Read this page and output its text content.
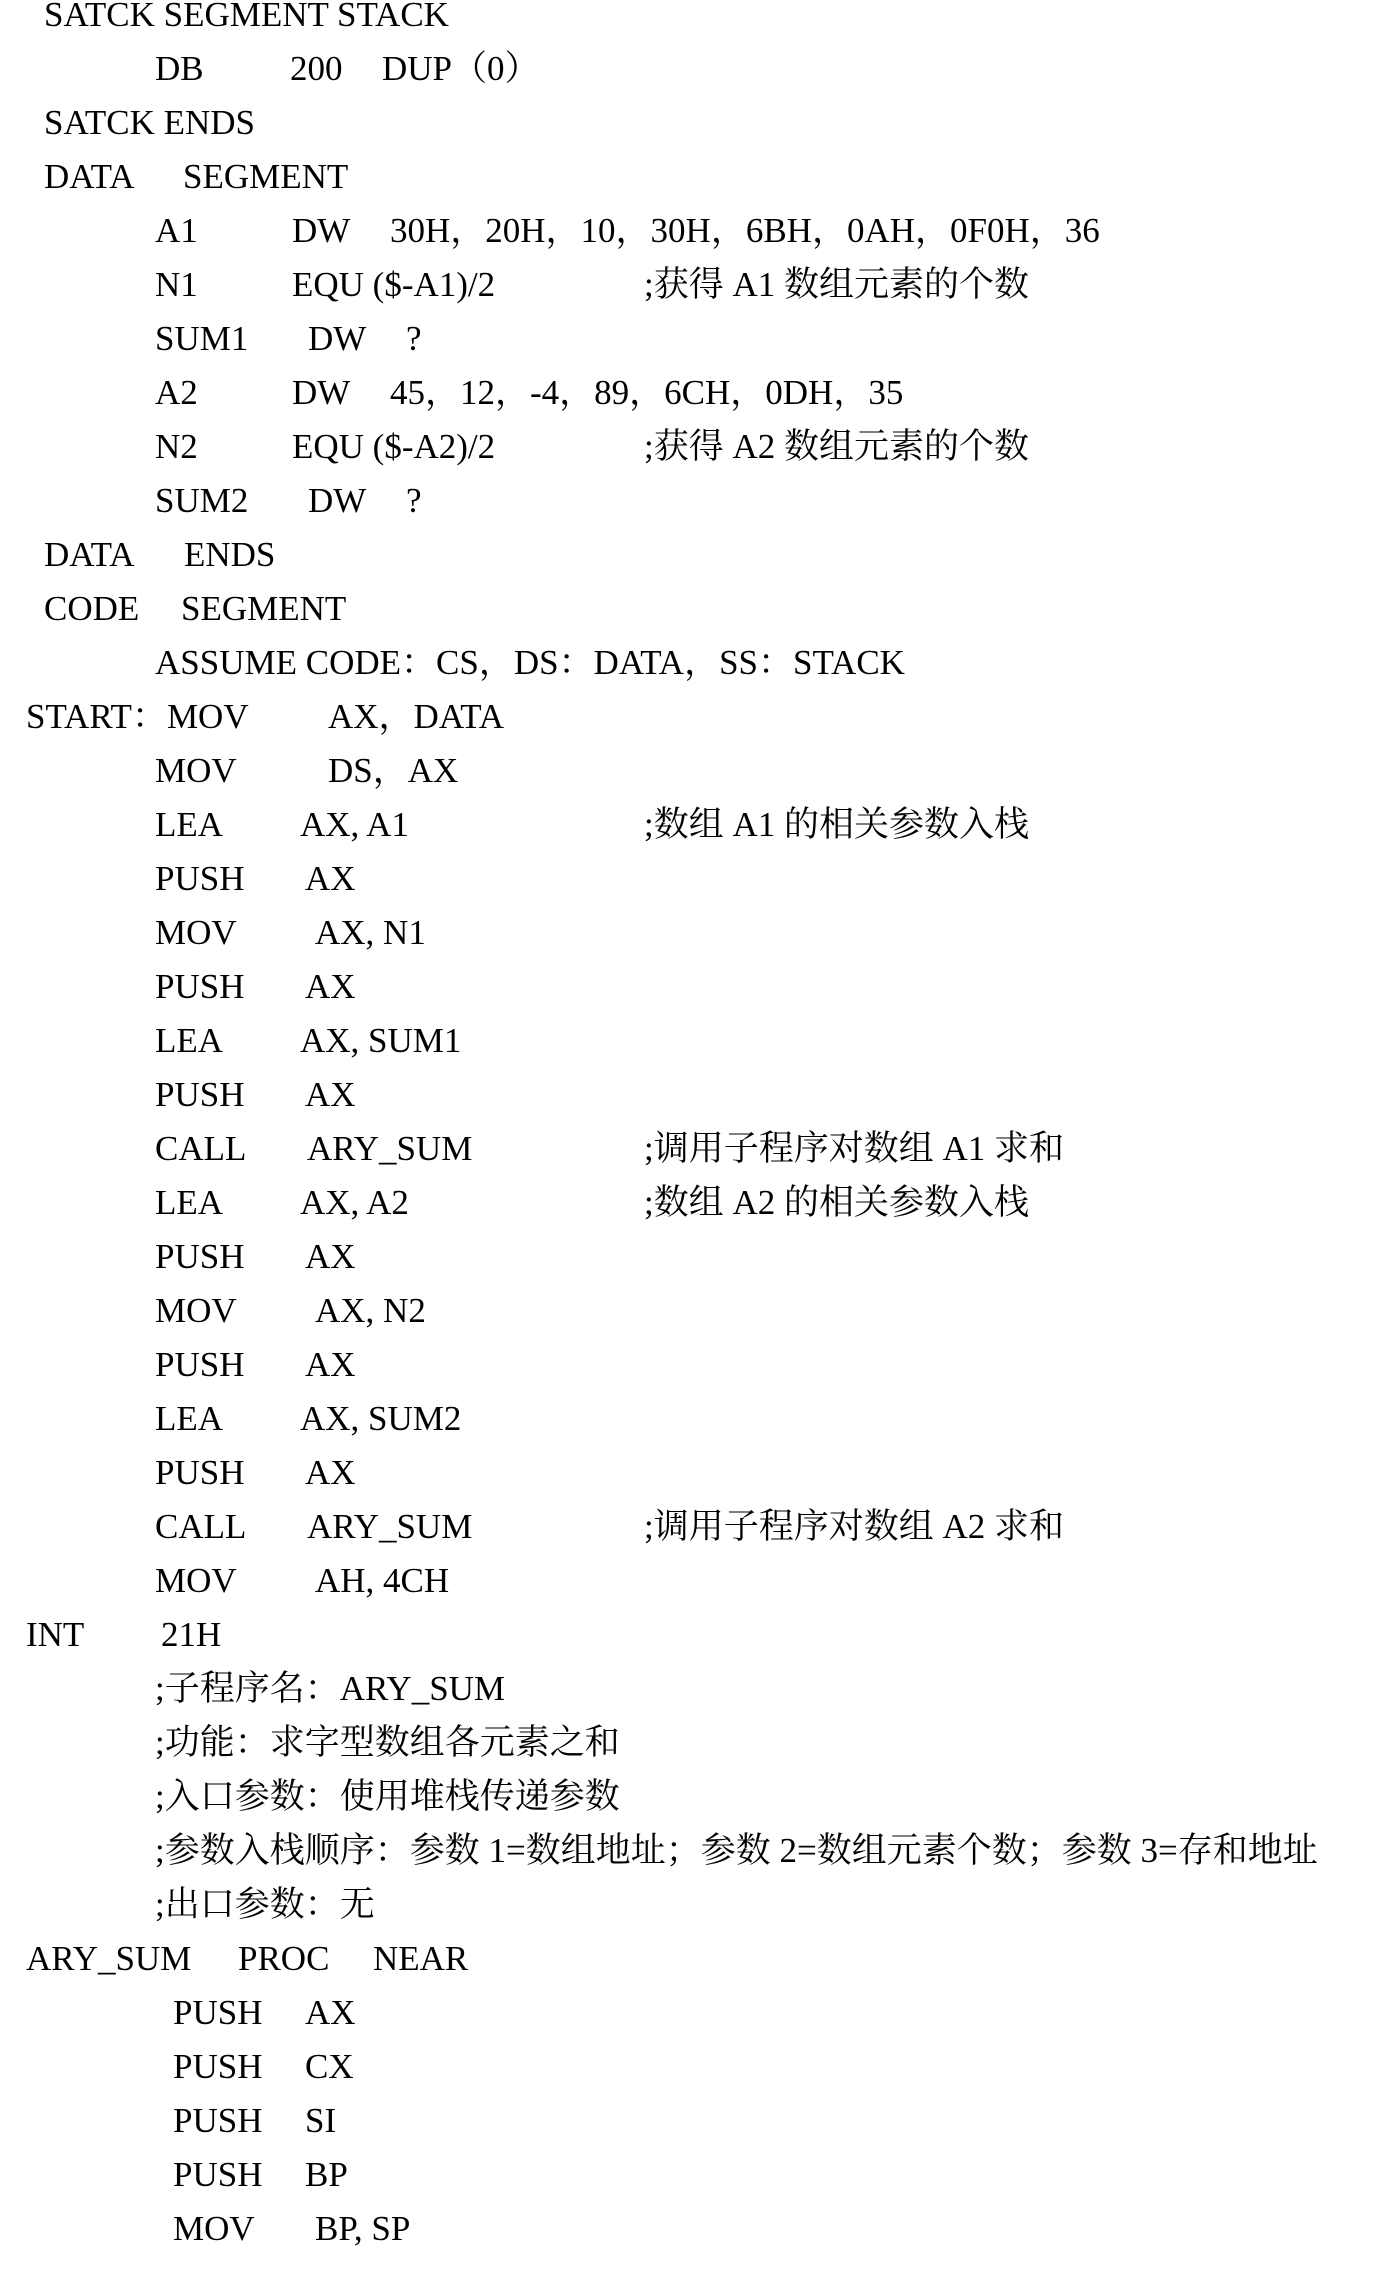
SATCK SEGMENT STACK
DB 200 DUP（0）
SATCK ENDS
DATA SEGMENT
A1	DW 30H，20H，10，30H，6BH，0AH，0F0H，36
N1	EQU ($-A1)/2	;获得 A1 数组元素的个数
SUM1 DW ?
A2	DW 45，12，-4，89，6CH，0DH，35
N2	EQU ($-A2)/2	;获得 A2 数组元素的个数
SUM2 DW ?
DATA ENDS
CODE SEGMENT
ASSUME CODE：CS，DS：DATA，SS：STACK
START：MOV AX，DATA
MOV	DS，AX
LEA AX, A1	;数组 A1 的相关参数入栈
PUSH AX
MOV AX, N1
PUSH AX
LEA AX, SUM1
PUSH AX
CALL ARY_SUM	;调用子程序对数组 A1 求和
LEA AX, A2	;数组 A2 的相关参数入栈
PUSH AX
MOV AX, N2
PUSH AX
LEA AX, SUM2
PUSH AX
CALL ARY_SUM	;调用子程序对数组 A2 求和
MOV AH, 4CH
INT 21H
;子程序名：ARY_SUM
;功能：求字型数组各元素之和
;入口参数：使用堆栈传递参数
;参数入栈顺序：参数 1=数组地址；参数 2=数组元素个数；参数 3=存和地址
;出口参数：无
ARY_SUM PROC NEAR
PUSH AX
PUSH CX
PUSH SI
PUSH BP
MOV BP, SP
